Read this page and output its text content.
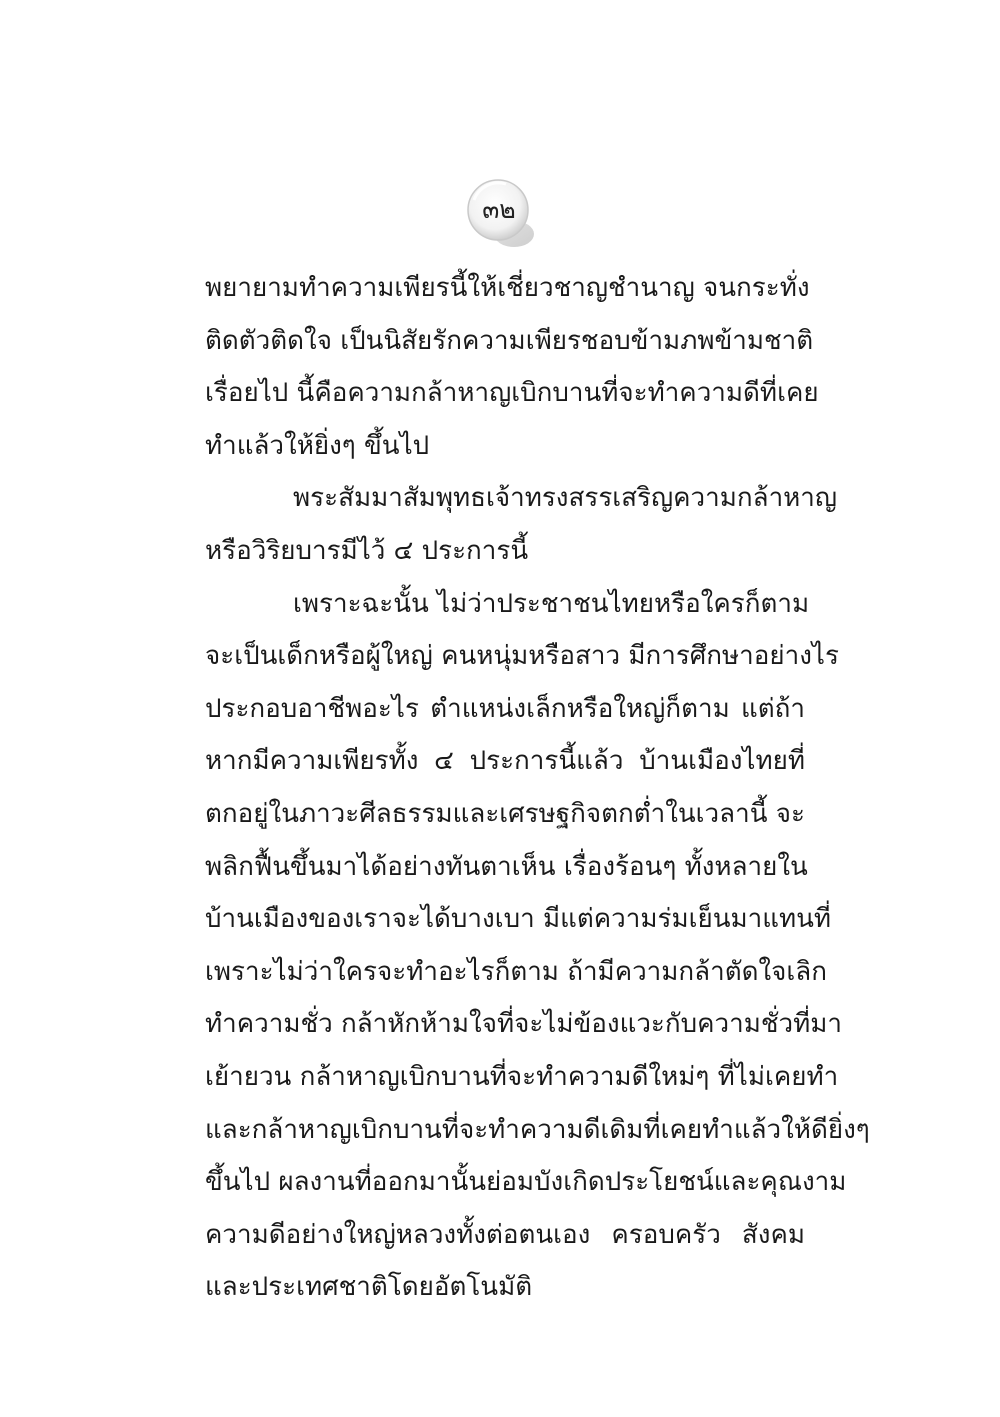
๓๒
พยายามทำความเพียรนี้ให้เชี่ยวชาญชำนาญ จนกระทั่ง
ติดตัวติดใจ เป็นนิสัยรักความเพียรชอบข้ามภพข้ามชาติ
เรื่อยไป นี้คือความกล้าหาญเบิกบานที่จะทำความดีที่เคย
ทำแล้วให้ยิ่งๆ ขึ้นไป
พระสัมมาสัมพุทธเจ้าทรงสรรเสริญความกล้าหาญ
หรือวิริยบารมีไว้ ๔ ประการนี้
เพราะฉะนั้น ไม่ว่าประชาชนไทยหรือใครก็ตาม
จะเป็นเด็กหรือผู้ใหญ่ คนหนุ่มหรือสาว มีการศึกษาอย่างไร
ประกอบอาชีพอะไร ตำแหน่งเล็กหรือใหญ่ก็ตาม แต่ถ้า
หากมีความเพียรทั้ง ๔ ประการนี้แล้ว บ้านเมืองไทยที่
ตกอยู่ในภาวะศีลธรรมและเศรษฐกิจตกต่ำในเวลานี้ จะ
พลิกฟื้นขึ้นมาได้อย่างทันตาเห็น เรื่องร้อนๆ ทั้งหลายใน
บ้านเมืองของเราจะได้บางเบา มีแต่ความร่มเย็นมาแทนที่
เพราะไม่ว่าใครจะทำอะไรก็ตาม ถ้ามีความกล้าตัดใจเลิก
ทำความชั่ว กล้าหักห้ามใจที่จะไม่ข้องแวะกับความชั่วที่มา
เย้ายวน กล้าหาญเบิกบานที่จะทำความดีใหม่ๆ ที่ไม่เคยทำ
และกล้าหาญเบิกบานที่จะทำความดีเดิมที่เคยทำแล้วให้ดียิ่งๆ
ขึ้นไป ผลงานที่ออกมานั้นย่อมบังเกิดประโยชน์และคุณงาม
ความดีอย่างใหญ่หลวงทั้งต่อตนเอง ครอบครัว สังคม
และประเทศชาติโดยอัตโนมัติ
